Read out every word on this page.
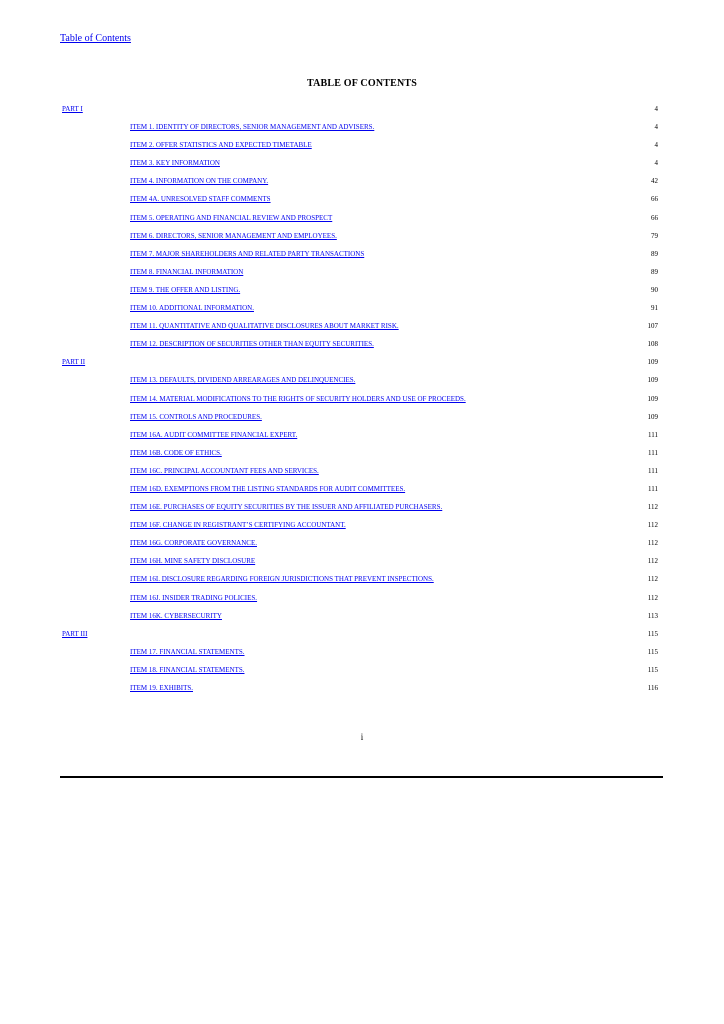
Table of Contents
TABLE OF CONTENTS
PART I	4
ITEM 1. IDENTITY OF DIRECTORS, SENIOR MANAGEMENT AND ADVISERS.	4
ITEM 2. OFFER STATISTICS AND EXPECTED TIMETABLE	4
ITEM 3. KEY INFORMATION	4
ITEM 4. INFORMATION ON THE COMPANY.	42
ITEM 4A. UNRESOLVED STAFF COMMENTS	66
ITEM 5. OPERATING AND FINANCIAL REVIEW AND PROSPECT	66
ITEM 6. DIRECTORS, SENIOR MANAGEMENT AND EMPLOYEES.	79
ITEM 7. MAJOR SHAREHOLDERS AND RELATED PARTY TRANSACTIONS	89
ITEM 8. FINANCIAL INFORMATION	89
ITEM 9. THE OFFER AND LISTING.	90
ITEM 10. ADDITIONAL INFORMATION.	91
ITEM 11. QUANTITATIVE AND QUALITATIVE DISCLOSURES ABOUT MARKET RISK.	107
ITEM 12. DESCRIPTION OF SECURITIES OTHER THAN EQUITY SECURITIES.	108
PART II	109
ITEM 13. DEFAULTS, DIVIDEND ARREARAGES AND DELINQUENCIES.	109
ITEM 14. MATERIAL MODIFICATIONS TO THE RIGHTS OF SECURITY HOLDERS AND USE OF PROCEEDS.	109
ITEM 15. CONTROLS AND PROCEDURES.	109
ITEM 16A. AUDIT COMMITTEE FINANCIAL EXPERT.	111
ITEM 16B. CODE OF ETHICS.	111
ITEM 16C. PRINCIPAL ACCOUNTANT FEES AND SERVICES.	111
ITEM 16D. EXEMPTIONS FROM THE LISTING STANDARDS FOR AUDIT COMMITTEES.	111
ITEM 16E. PURCHASES OF EQUITY SECURITIES BY THE ISSUER AND AFFILIATED PURCHASERS.	112
ITEM 16F. CHANGE IN REGISTRANT’S CERTIFYING ACCOUNTANT.	112
ITEM 16G. CORPORATE GOVERNANCE.	112
ITEM 16H. MINE SAFETY DISCLOSURE	112
ITEM 16I. DISCLOSURE REGARDING FOREIGN JURISDICTIONS THAT PREVENT INSPECTIONS.	112
ITEM 16J. INSIDER TRADING POLICIES.	112
ITEM 16K. CYBERSECURITY	113
PART III	115
ITEM 17. FINANCIAL STATEMENTS.	115
ITEM 18. FINANCIAL STATEMENTS.	115
ITEM 19. EXHIBITS.	116
i
